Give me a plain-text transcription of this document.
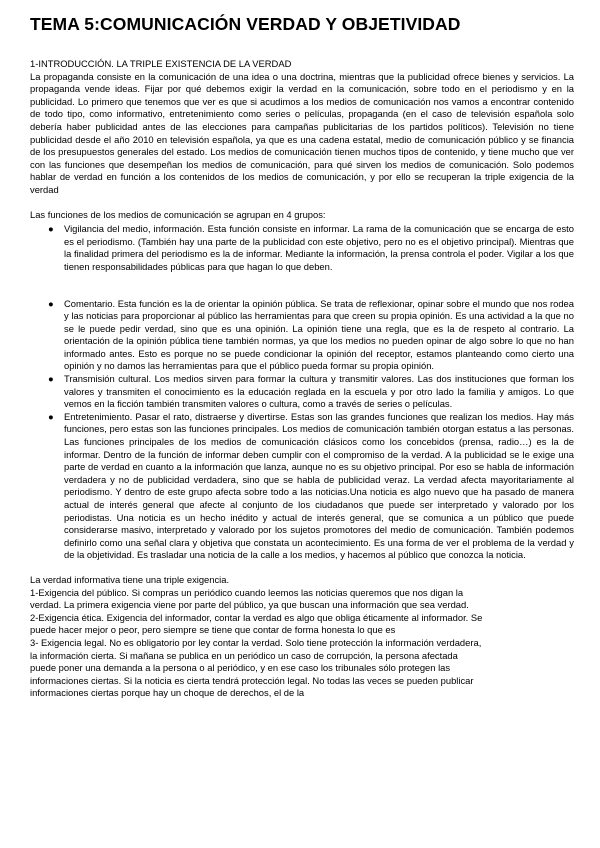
TEMA 5:COMUNICACIÓN VERDAD Y OBJETIVIDAD

1-INTRODUCCIÓN. LA TRIPLE EXISTENCIA DE LA VERDAD

La propaganda consiste en la comunicación de una idea o una doctrina, mientras que la publicidad ofrece bienes y servicios. La propaganda vende ideas. Fijar por qué debemos exigir la verdad en la comunicación, sobre todo en el periodismo y en la publicidad. Lo primero que tenemos que ver es que si acudimos a los medios de comunicación nos vamos a encontrar contenido de todo tipo, como informativo, entretenimiento como series o películas, propaganda (en el caso de televisión española solo debería haber publicidad antes de las elecciones para campañas publicitarias de los partidos políticos). Televisión no tiene publicidad desde el año 2010 en televisión española, ya que es una cadena estatal, medio de comunicación público y se financia de los presupuestos generales del estado. Los medios de comunicación tienen muchos tipos de contenido, y tiene mucho que ver con las funciones que desempeñan los medios de comunicación, para qué sirven los medios de comunicación. Solo podemos hablar de verdad en función a los contenidos de los medios de comunicación, y por ello se recuperan la triple exigencia de la verdad

Las funciones de los medios de comunicación se agrupan en 4 grupos:

● Vigilancia del medio, información. Esta función consiste en informar. La rama de la comunicación que se encarga de esto es el periodismo. (También hay una parte de la publicidad con este objetivo, pero no es el objetivo principal). Mientras que la finalidad primera del periodismo es la de informar. Mediante la información, la prensa controla el poder. Vigilar a los que tienen responsabilidades públicas para que hagan lo que deben.
● Comentario. Esta función es la de orientar la opinión pública. Se trata de reflexionar, opinar sobre el mundo que nos rodea y las noticias para proporcionar al público las herramientas para que creen su propia opinión. Es una actividad a la que no se le puede pedir verdad, sino que es una opinión. La opinión tiene una regla, que es la de respeto al contrario. La orientación de la opinión pública tiene también normas, ya que los medios no pueden opinar de algo sobre lo que no han informado antes. Esto es porque no se puede condicionar la opinión del receptor, estamos planteando como cierto una opinión y no damos las herramientas para que el público pueda formar su propia opinión.
● Transmisión cultural. Los medios sirven para formar la cultura y transmitir valores. Las dos instituciones que forman los valores y transmiten el conocimiento es la educación reglada en la escuela y por otro lado la familia y amigos. Lo que vemos en la ficción también transmiten valores o cultura, como a través de series o películas.
● Entretenimiento. Pasar el rato, distraerse y divertirse. Estas son las grandes funciones que realizan los medios. Hay más funciones, pero estas son las funciones principales. Los medios de comunicación también otorgan estatus a las personas. Las funciones principales de los medios de comunicación clásicos como los concebidos (prensa, radio…) es la de informar. Dentro de la función de informar deben cumplir con el compromiso de la verdad. A la publicidad se le exige una parte de verdad en cuanto a la información que lanza, aunque no es su objetivo principal. Por eso se habla de información verdadera y no de publicidad verdadera, sino que se habla de publicidad veraz. La verdad afecta mayoritariamente al periodismo. Y dentro de este grupo afecta sobre todo a las noticias.Una noticia es algo nuevo que ha pasado de manera actual de interés general que afecte al conjunto de los ciudadanos que puede ser interpretado y valorado por los periodistas. Una noticia es un hecho inédito y actual de interés general, que se comunica a un público que puede considerarse masivo, interpretado y valorado por los sujetos promotores del medio de comunicación. También podemos definirlo como una señal clara y objetiva que constata un acontecimiento. Es una forma de ver el problema de la verdad y de la objetividad. Es trasladar una noticia de la calle a los medios, y hacemos al público que conozca la noticia.

La verdad informativa tiene una triple exigencia.

1-Exigencia del público. Si compras un periódico cuando leemos las noticias queremos que nos digan la verdad. La primera exigencia viene por parte del público, ya que buscan una información que sea verdad.

2-Exigencia ética. Exigencia del informador, contar la verdad es algo que obliga éticamente al informador. Se puede hacer mejor o peor, pero siempre se tiene que contar de forma honesta lo que es

3- Exigencia legal. No es obligatorio por ley contar la verdad. Solo tiene protección la información verdadera, la información cierta. Si mañana se publica en un periódico un caso de corrupción, la persona afectada puede poner una demanda a la persona o al periódico, y en ese caso los tribunales sólo protegen las informaciones ciertas. Si la noticia es cierta tendrá protección legal. No todas las veces se pueden publicar informaciones ciertas porque hay un choque de derechos, el de la
